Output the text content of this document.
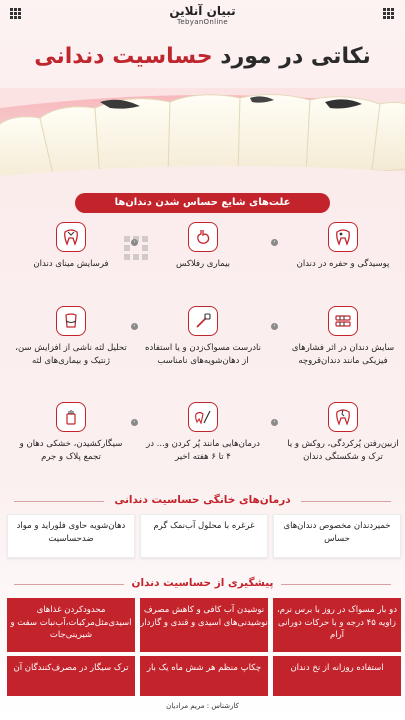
تبیان آنلاین
TebyanOnline
نکاتی در مورد حساسیت دندانی
علت‌های شایع حساس شدن دندان‌ها
پوسیدگی و حفره در دندان
بیماری رفلاکس
فرسایش مینای دندان
›
›
سایش دندان در اثر فشارهای فیزیکی مانند دندان‌قروچه
نادرست مسواک‌زدن و یا استفاده از دهان‌شویه‌های نامناسب
تحلیل لثه ناشی از افزایش سن، ژنتیک و بیماری‌های لثه
›
›
ازبین‌رفتن پُرکردگی، روکش و یا ترک و شکستگی دندان
درمان‌هایی مانند پُر کردن و... در ۴ تا ۶ هفته اخیر
سیگارکشیدن، خشکی دهان و تجمع پلاک و جرم
›
›
درمان‌های خانگی حساسیت دندانی
خمیردندان مخصوص دندان‌های حساس
غرغره با محلول آب‌نمک گرم
دهان‌شویه حاوی فلوراید و مواد ضدحساسیت
پیشگیری از حساسیت دندان
دو بار مسواک در روز با برس نرم، زاویه ۴۵ درجه و با حرکات دورانی آرام
نوشیدن آب کافی و کاهش مصرف نوشیدنی‌های اسیدی و قندی و گازدار
محدودکردن غذاهای اسیدی‌مثل‌مرکبات،آب‌نبات سفت و شیرینی‌جات
استفاده روزانه از نخ دندان
چکاپ منظم هر شش ماه یک بار
ترک سیگار در مصرف‌کنندگان آن
کارشناس : مریم مرادیان
